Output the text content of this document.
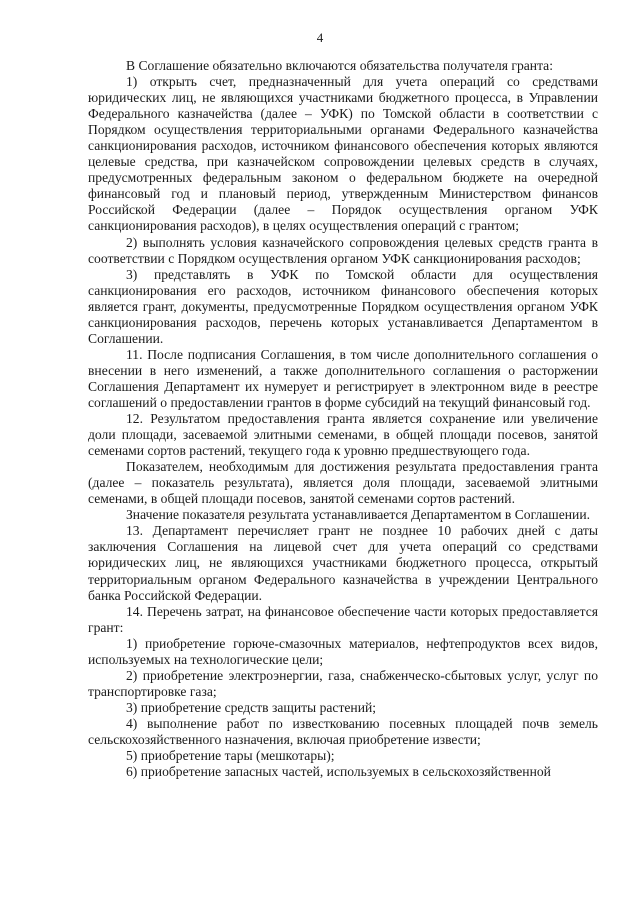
4

В Соглашение обязательно включаются обязательства получателя гранта:

1) открыть счет, предназначенный для учета операций со средствами юридических лиц, не являющихся участниками бюджетного процесса, в Управлении Федерального казначейства (далее – УФК) по Томской области в соответствии с Порядком осуществления территориальными органами Федерального казначейства санкционирования расходов, источником финансового обеспечения которых являются целевые средства, при казначейском сопровождении целевых средств в случаях, предусмотренных федеральным законом о федеральном бюджете на очередной финансовый год и плановый период, утвержденным Министерством финансов Российской Федерации (далее – Порядок осуществления органом УФК санкционирования расходов), в целях осуществления операций с грантом;

2) выполнять условия казначейского сопровождения целевых средств гранта в соответствии с Порядком осуществления органом УФК санкционирования расходов;

3) представлять в УФК по Томской области для осуществления санкционирования его расходов, источником финансового обеспечения которых является грант, документы, предусмотренные Порядком осуществления органом УФК санкционирования расходов, перечень которых устанавливается Департаментом в Соглашении.

11. После подписания Соглашения, в том числе дополнительного соглашения о внесении в него изменений, а также дополнительного соглашения о расторжении Соглашения Департамент их нумерует и регистрирует в электронном виде в реестре соглашений о предоставлении грантов в форме субсидий на текущий финансовый год.

12. Результатом предоставления гранта является сохранение или увеличение доли площади, засеваемой элитными семенами, в общей площади посевов, занятой семенами сортов растений, текущего года к уровню предшествующего года.

Показателем, необходимым для достижения результата предоставления гранта (далее – показатель результата), является доля площади, засеваемой элитными семенами, в общей площади посевов, занятой семенами сортов растений.

Значение показателя результата устанавливается Департаментом в Соглашении.

13. Департамент перечисляет грант не позднее 10 рабочих дней с даты заключения Соглашения на лицевой счет для учета операций со средствами юридических лиц, не являющихся участниками бюджетного процесса, открытый территориальным органом Федерального казначейства в учреждении Центрального банка Российской Федерации.

14. Перечень затрат, на финансовое обеспечение части которых предоставляется грант:

1) приобретение горюче-смазочных материалов, нефтепродуктов всех видов, используемых на технологические цели;

2) приобретение электроэнергии, газа, снабженческо-сбытовых услуг, услуг по транспортировке газа;

3) приобретение средств защиты растений;

4) выполнение работ по известкованию посевных площадей почв земель сельскохозяйственного назначения, включая приобретение извести;

5) приобретение тары (мешкотары);

6) приобретение запасных частей, используемых в сельскохозяйственной
